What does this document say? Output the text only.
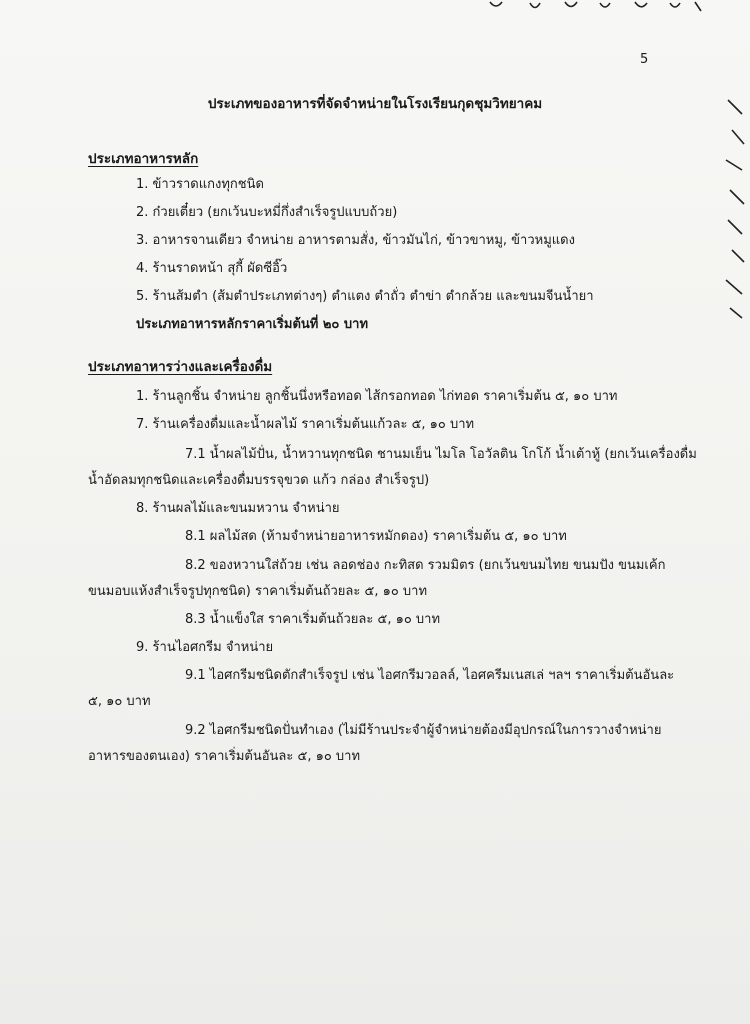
5
ประเภทของอาหารที่จัดจำหน่ายในโรงเรียนกุดชุมวิทยาคม
ประเภทอาหารหลัก
1. ข้าวราดแกงทุกชนิด
2. ก๋วยเตี๋ยว (ยกเว้นบะหมี่กึ่งสำเร็จรูปแบบถ้วย)
3. อาหารจานเดียว จำหน่าย อาหารตามสั่ง, ข้าวมันไก่, ข้าวขาหมู, ข้าวหมูแดง
4. ร้านราดหน้า สุกี้ ผัดซีอิ๊ว
5. ร้านส้มตำ (ส้มตำประเภทต่างๆ) ตำแตง ตำถั่ว ตำข่า ตำกล้วย และขนมจีนน้ำยา
ประเภทอาหารหลักราคาเริ่มต้นที่ ๒๐ บาท
ประเภทอาหารว่างและเครื่องดื่ม
1. ร้านลูกชิ้น จำหน่าย ลูกชิ้นนึ่งหรือทอด ไส้กรอกทอด ไก่ทอด ราคาเริ่มต้น ๕, ๑๐ บาท
7. ร้านเครื่องดื่มและน้ำผลไม้ ราคาเริ่มต้นแก้วละ ๕, ๑๐ บาท
7.1 น้ำผลไม้ปั่น, น้ำหวานทุกชนิด ชานมเย็น ไมโล โอวัลติน โกโก้ น้ำเต้าหู้ (ยกเว้นเครื่องดื่ม
น้ำอัดลมทุกชนิดและเครื่องดื่มบรรจุขวด แก้ว กล่อง สำเร็จรูป)
8. ร้านผลไม้และขนมหวาน จำหน่าย
8.1 ผลไม้สด (ห้ามจำหน่ายอาหารหมักดอง) ราคาเริ่มต้น ๕, ๑๐ บาท
8.2 ของหวานใส่ถ้วย เช่น ลอดช่อง กะทิสด รวมมิตร (ยกเว้นขนมไทย ขนมปัง ขนมเค้ก
ขนมอบแห้งสำเร็จรูปทุกชนิด) ราคาเริ่มต้นถ้วยละ ๕, ๑๐ บาท
8.3 น้ำแข็งใส ราคาเริ่มต้นถ้วยละ ๕, ๑๐ บาท
9. ร้านไอศกรีม จำหน่าย
9.1 ไอศกรีมชนิดตักสำเร็จรูป เช่น ไอศกรีมวอลล์, ไอศครีมเนสเล่ ฯลฯ ราคาเริ่มต้นอันละ
๕, ๑๐ บาท
9.2 ไอศกรีมชนิดปั่นทำเอง (ไม่มีร้านประจำผู้จำหน่ายต้องมีอุปกรณ์ในการวางจำหน่าย
อาหารของตนเอง) ราคาเริ่มต้นอันละ ๕, ๑๐ บาท
